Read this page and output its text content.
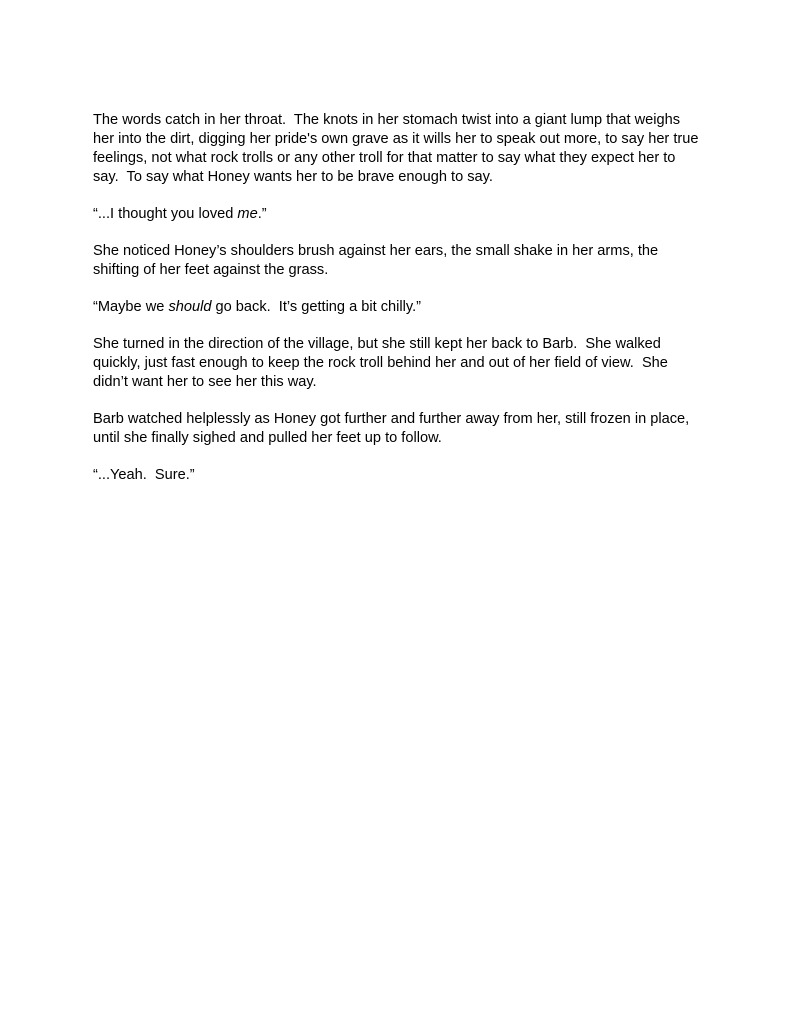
The words catch in her throat.  The knots in her stomach twist into a giant lump that weighs her into the dirt, digging her pride's own grave as it wills her to speak out more, to say her true feelings, not what rock trolls or any other troll for that matter to say what they expect her to say.  To say what Honey wants her to be brave enough to say.

“...I thought you loved me.”

She noticed Honey’s shoulders brush against her ears, the small shake in her arms, the shifting of her feet against the grass.

“Maybe we should go back.  It’s getting a bit chilly.”

She turned in the direction of the village, but she still kept her back to Barb.  She walked quickly, just fast enough to keep the rock troll behind her and out of her field of view.  She didn’t want her to see her this way.

Barb watched helplessly as Honey got further and further away from her, still frozen in place, until she finally sighed and pulled her feet up to follow.

“...Yeah.  Sure.”
